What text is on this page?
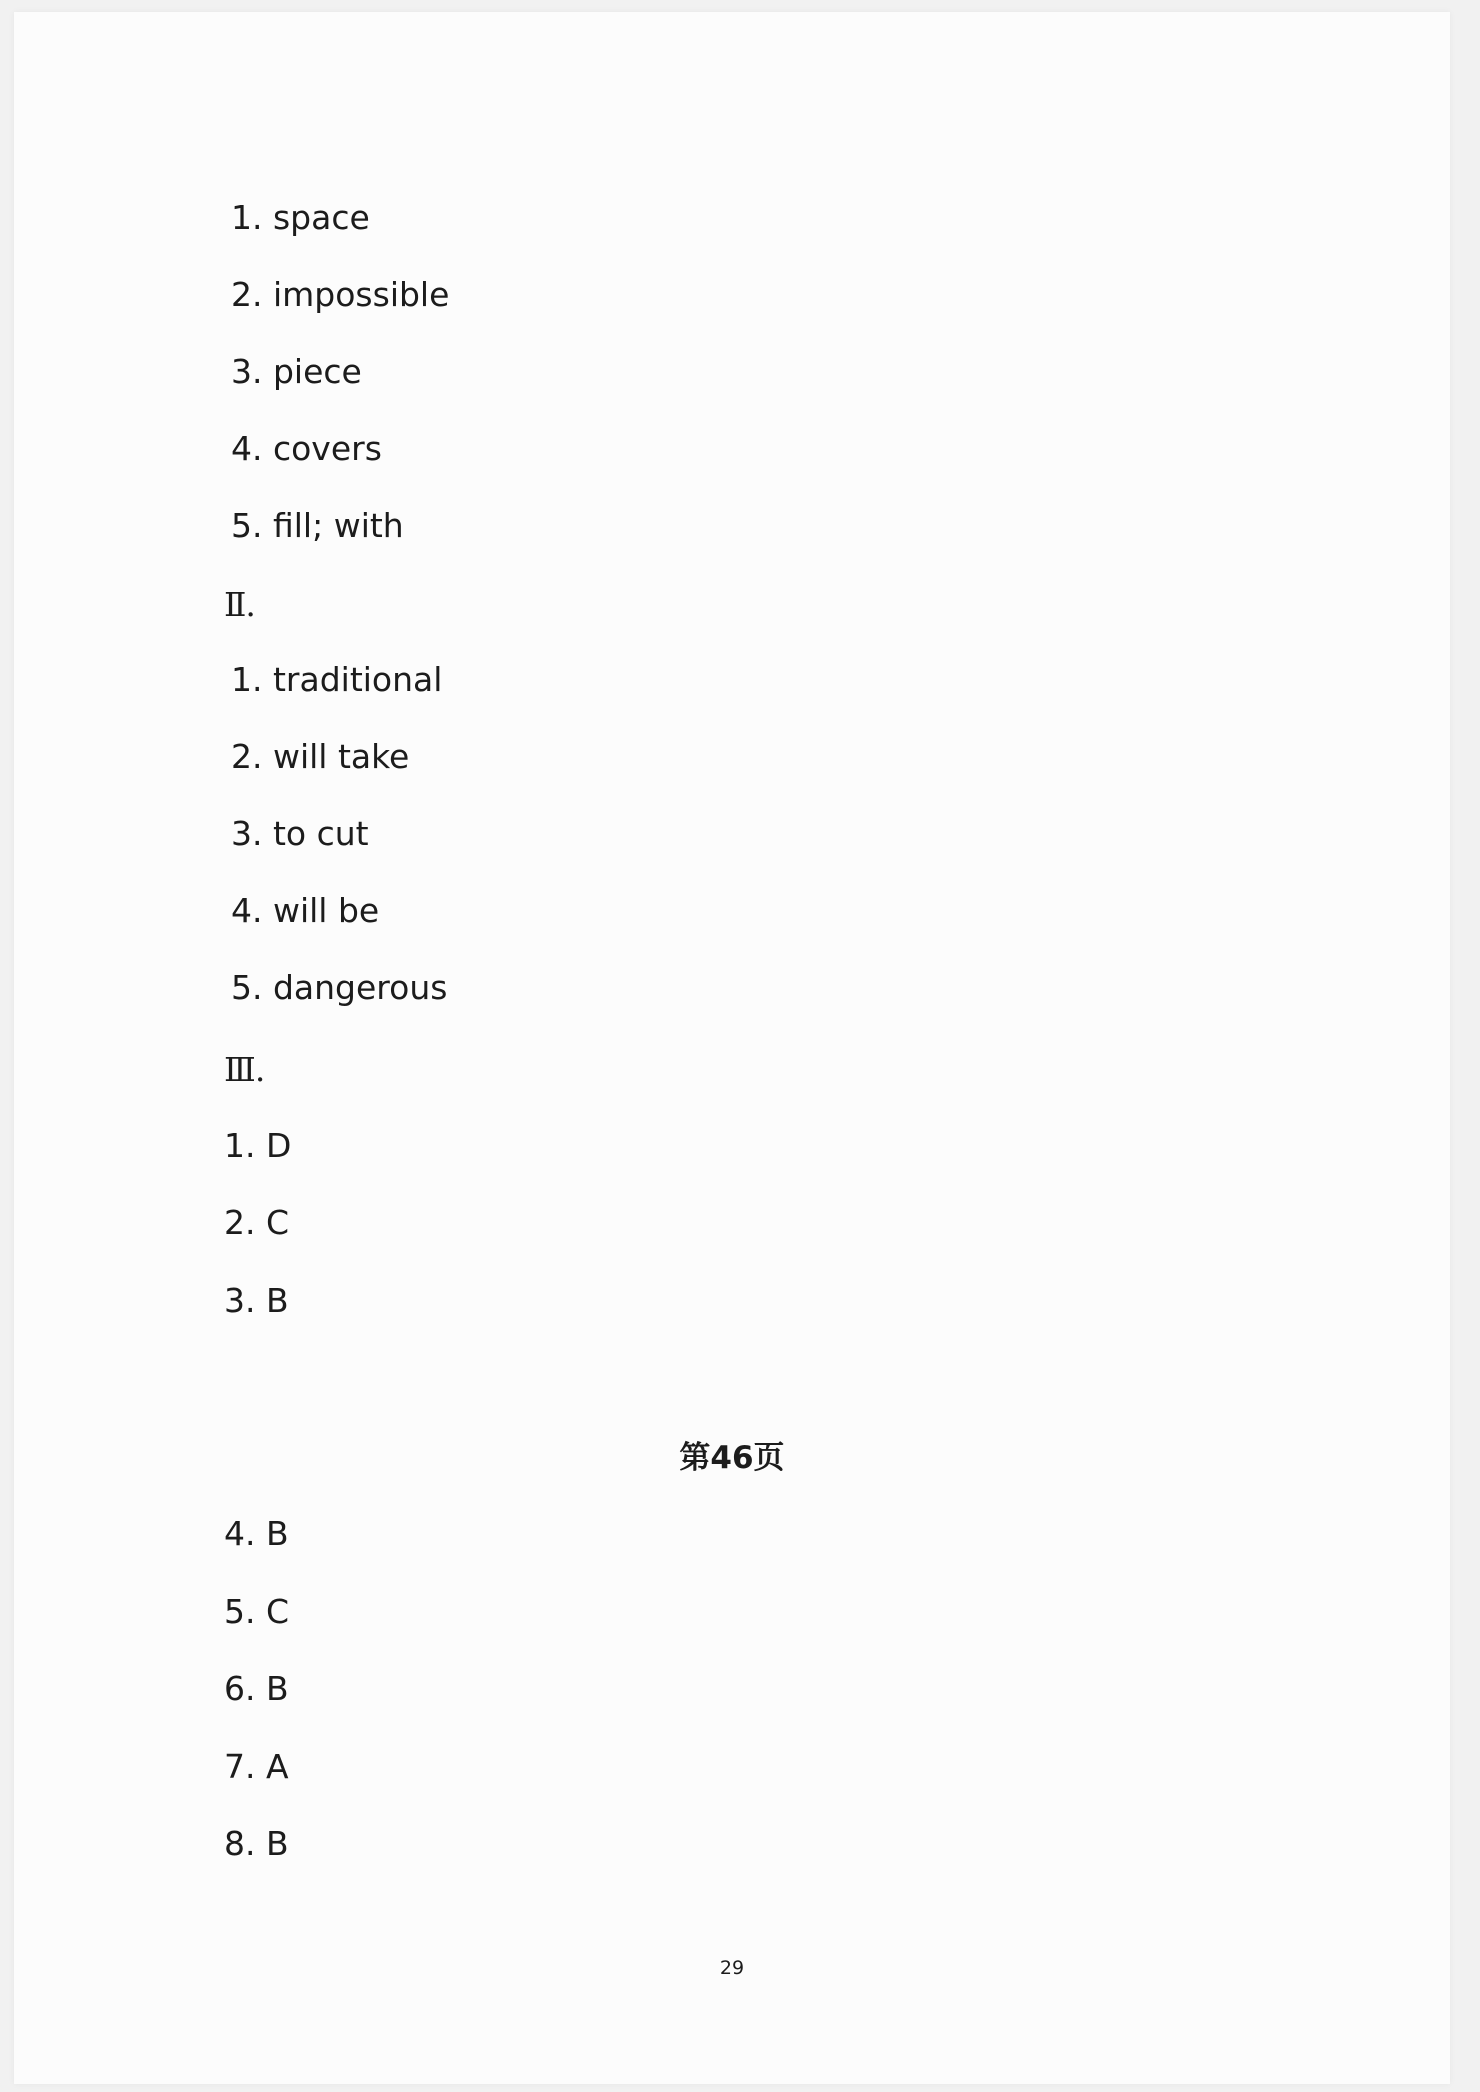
1. space
2. impossible
3. piece
4. covers
5. fill; with
Ⅱ.
1. traditional
2. will take
3. to cut
4. will be
5. dangerous
Ⅲ.
1. D
2. C
3. B
第46页
4. B
5. C
6. B
7. A
8. B
29
